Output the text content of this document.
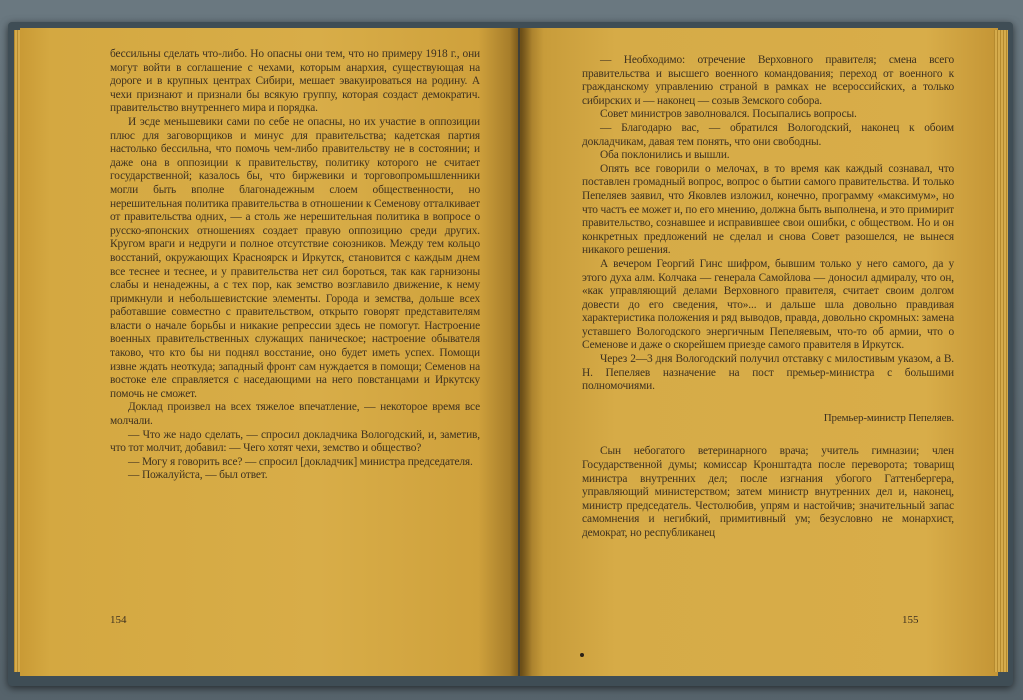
бессильны сделать что-либо. Но опасны они тем, что но примеру 1918 г., они могут войти в соглашение с чехами, которым анархия, существующая на дороге и в крупных центрах Сибири, мешает эвакуироваться на родину. А чехи признают и признали бы всякую группу, которая создаст демократич. правительство внутреннего мира и порядка.

И эсде меньшевики сами по себе не опасны, но их участие в оппозиции плюс для заговорщиков и минус для правительства; кадетская партия настолько бессильна, что помочь чем-либо правительству не в состоянии; и даже она в оппозиции к правительству, политику которого не считает государственной; казалось бы, что биржевики и торговопромышленники могли быть вполне благонадежным слоем общественности, но нерешительная политика правительства в отношении к Семенову отталкивает от правительства одних, — а столь же нерешительная политика в вопросе о русско-японских отношениях создает правую оппозицию среди других. Кругом враги и недруги и полное отсутствие союзников. Между тем кольцо восстаний, окружающих Красноярск и Иркутск, становится с каждым днем все теснее и теснее, и у правительства нет сил бороться, так как гарнизоны слабы и ненадежны, а с тех пор, как земство возглавило движение, к нему примкнули и небольшевистские элементы. Города и земства, дольше всех работавшие совместно с правительством, открыто говорят представителям власти о начале борьбы и никакие репрессии здесь не помогут. Настроение военных правительственных служащих паническое; настроение обывателя таково, что кто бы ни поднял восстание, оно будет иметь успех. Помощи извне ждать неоткуда; западный фронт сам нуждается в помощи; Семенов на востоке еле справляется с наседающими на него повстанцами и Иркутску помочь не сможет.

Доклад произвел на всех тяжелое впечатление, — некоторое время все молчали.

— Что же надо сделать, — спросил докладчика Вологодский, и, заметив, что тот молчит, добавил: — Чего хотят чехи, земство и общество?

— Могу я говорить все? — спросил [докладчик] министра председателя.

— Пожалуйста, — был ответ.

154

— Необходимо: отречение Верховного правителя; смена всего правительства и высшего военного командования; переход от военного к гражданскому управлению страной в рамках не всероссийских, а только сибирских и — наконец — созыв Земского собора.

Совет министров заволновался. Посыпались вопросы.

— Благодарю вас, — обратился Вологодский, наконец к обоим докладчикам, давая тем понять, что они свободны.

Оба поклонились и вышли.

Опять все говорили о мелочах, в то время как каждый сознавал, что поставлен громадный вопрос, вопрос о бытии самого правительства. И только Пепеляев заявил, что Яковлев изложил, конечно, программу «максимум», но что частъ ее может и, по его мнению, должна быть выполнена, и это примирит правительство, сознавшее и исправившее свои ошибки, с обществом. Но и он конкретных предложений не сделал и снова Совет разошелся, не вынеся никакого решения.

А вечером Георгий Гинс шифром, бывшим только у него самого, да у этого духа алм. Колчака — генерала Самойлова — доносил адмиралу, что он, «как управляющий делами Верховного правителя, считает своим долгом довести до его сведения, что»... и дальше шла довольно правдивая характеристика положения и ряд выводов, правда, довольно скромных: замена уставшего Вологодского энергичным Пепеляевым, что-то об армии, что о Семенове и даже о скорейшем приезде самого правителя в Иркутск.

Через 2—3 дня Вологодский получил отставку с милостивым указом, а В. Н. Пепеляев назначение на пост премьер-министра с большими полномочиями.

Премьер-министр Пепеляев.

Сын небогатого ветеринарного врача; учитель гимназии; член Государственной думы; комиссар Кронштадта после переворота; товарищ министра внутренних дел; после изгнания убогого Гаттенбергера, управляющий министерством; затем министр внутренних дел и, наконец, министр председатель. Честолюбив, упрям и настойчив; значительный запас самомнения и негибкий, примитивный ум; безусловно не монархист, демократ, но республиканец

155
